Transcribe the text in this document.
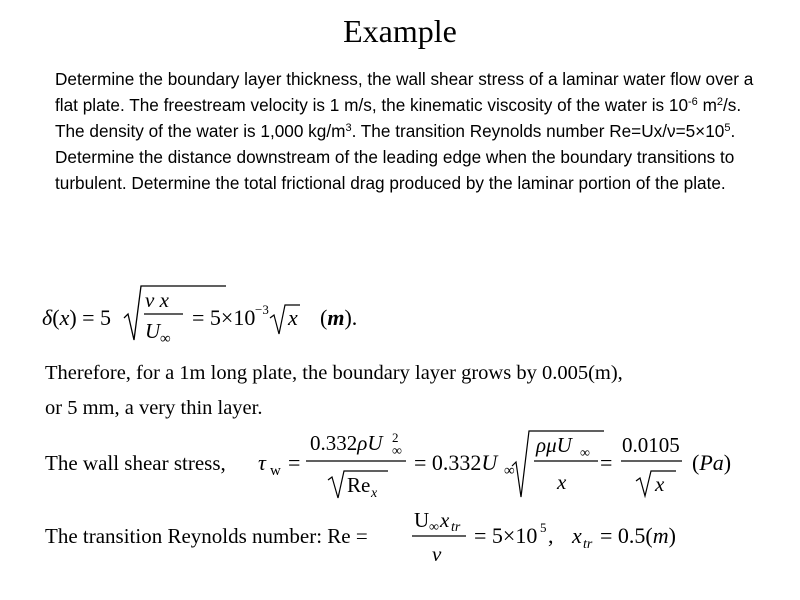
Example

Determine the boundary layer thickness, the wall shear stress of a laminar water flow over a flat plate. The freestream velocity is 1 m/s, the kinematic viscosity of the water is $10^{-6}$ $m^2/s$. The density of the water is 1,000 $kg/m^3$. The transition Reynolds number $Re=Ux/\nu=5\times 10^5$. Determine the distance downstream of the leading edge when the boundary transitions to turbulent. Determine the total frictional drag produced by the laminar portion of the plate.

δ(x) = 5
ν x
U ∞
= 5×10 −3 x (m).

Therefore, for a 1m long plate, the boundary layer grows by 0.005(m),

or 5 mm, a very thin layer.

The wall shear stress, τ w =
0.332ρU ∞
2
Re x
= 0.332U ∞
ρμU ∞
x
=
0.0105
x
(Pa)
The transition Reynolds number: Re =
U ∞ x tr
ν
= 5×10 5 , x tr = 0.5(m)
